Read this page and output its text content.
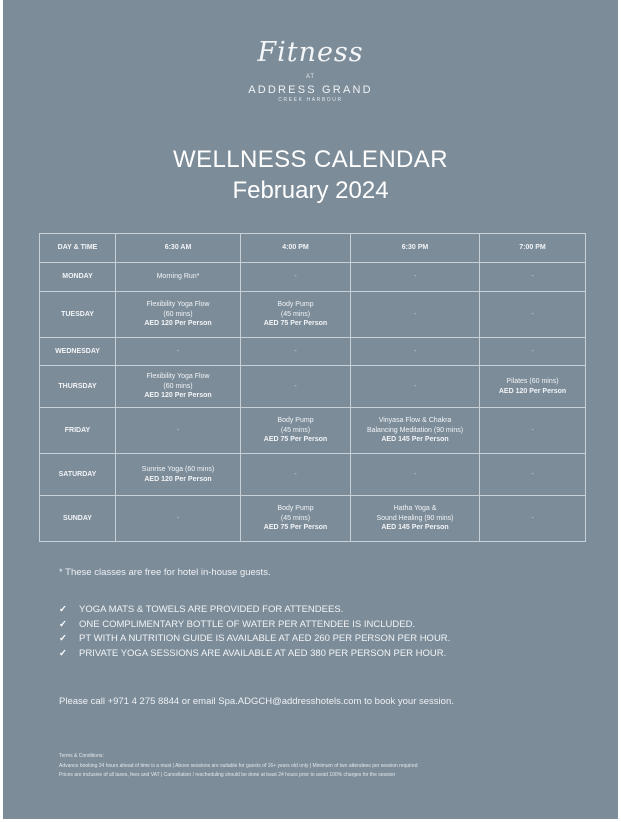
Fitness
AT
ADDRESS GRAND
CREEK HARBOUR
WELLNESS CALENDAR
February 2024
DAY & TIME	6:30 AM	4:00 PM	6:30 PM	7:00 PM
MONDAY	Morning Run*	-	-	-

TUESDAY	Flexibility Yoga Flow
(60 mins)
AED 120 Per Person	Body Pump
(45 mins)
AED 75 Per Person	-	-

WEDNESDAY	-	-	-	-

THURSDAY	Flexibility Yoga Flow
(60 mins)
AED 120 Per Person	-	-	Pilates (60 mins)
AED 120 Per Person

FRIDAY	-	Body Pump
(45 mins)
AED 75 Per Person	Vinyasa Flow & Chakra
Balancing Meditation (90 mins)
AED 145 Per Person	-

SATURDAY	Sunrise Yoga (60 mins)
AED 120 Per Person	-	-	-

SUNDAY	-	Body Pump
(45 mins)
AED 75 Per Person	Hatha Yoga &
Sound Healing (90 mins)
AED 145 Per Person	-
* These classes are free for hotel in-house guests.
✓ YOGA MATS & TOWELS ARE PROVIDED FOR ATTENDEES.
✓ ONE COMPLIMENTARY BOTTLE OF WATER PER ATTENDEE IS INCLUDED.
✓ PT WITH A NUTRITION GUIDE IS AVAILABLE AT AED 260 PER PERSON PER HOUR.
✓ PRIVATE YOGA SESSIONS ARE AVAILABLE AT AED 380 PER PERSON PER HOUR.
Please call +971 4 275 8844 or email Spa.ADGCH@addresshotels.com to book your session.
Terms & Conditions:
Advance booking 24 hours ahead of time is a must | Above sessions are suitable for guests of 16+ years old only | Minimum of two attendees per session required
Prices are inclusive of all taxes, fees and VAT | Cancellation / rescheduling should be done at least 24 hours prior to avoid 100% charges for the session
